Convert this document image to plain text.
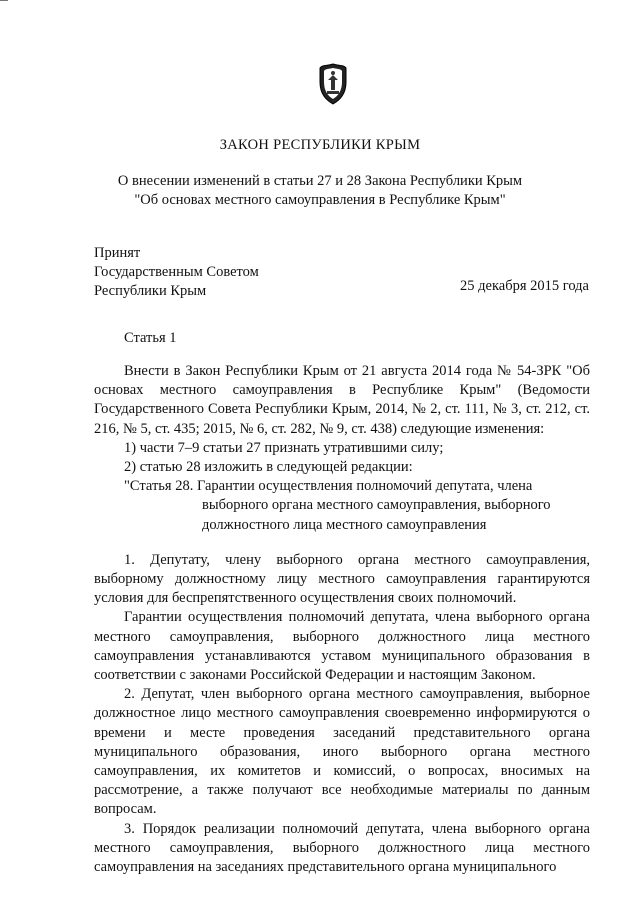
ЗАКОН РЕСПУБЛИКИ КРЫМ
О внесении изменений в статьи 27 и 28 Закона Республики Крым
"Об основах местного самоуправления в Республике Крым"
Принят
Государственным Советом
Республики Крым	25 декабря 2015 года
Статья 1

Внести в Закон Республики Крым от 21 августа 2014 года № 54-ЗРК "Об основах местного самоуправления в Республике Крым" (Ведомости Государственного Совета Республики Крым, 2014, № 2, ст. 111, № 3, ст. 212, ст. 216, № 5, ст. 435; 2015, № 6, ст. 282, № 9, ст. 438) следующие изменения:

1) части 7–9 статьи 27 признать утратившими силу;

2) статью 28 изложить в следующей редакции:

"Статья 28. Гарантии осуществления полномочий депутата, члена
выборного органа местного самоуправления, выборного
должностного лица местного самоуправления

1. Депутату, члену выборного органа местного самоуправления, выборному должностному лицу местного самоуправления гарантируются условия для беспрепятственного осуществления своих полномочий.

Гарантии осуществления полномочий депутата, члена выборного органа местного самоуправления, выборного должностного лица местного самоуправления устанавливаются уставом муниципального образования в соответствии с законами Российской Федерации и настоящим Законом.

2. Депутат, член выборного органа местного самоуправления, выборное должностное лицо местного самоуправления своевременно информируются о времени и месте проведения заседаний представительного органа муниципального образования, иного выборного органа местного самоуправления, их комитетов и комиссий, о вопросах, вносимых на рассмотрение, а также получают все необходимые материалы по данным вопросам.

3. Порядок реализации полномочий депутата, члена выборного органа местного самоуправления, выборного должностного лица местного самоуправления на заседаниях представительного органа муниципального
